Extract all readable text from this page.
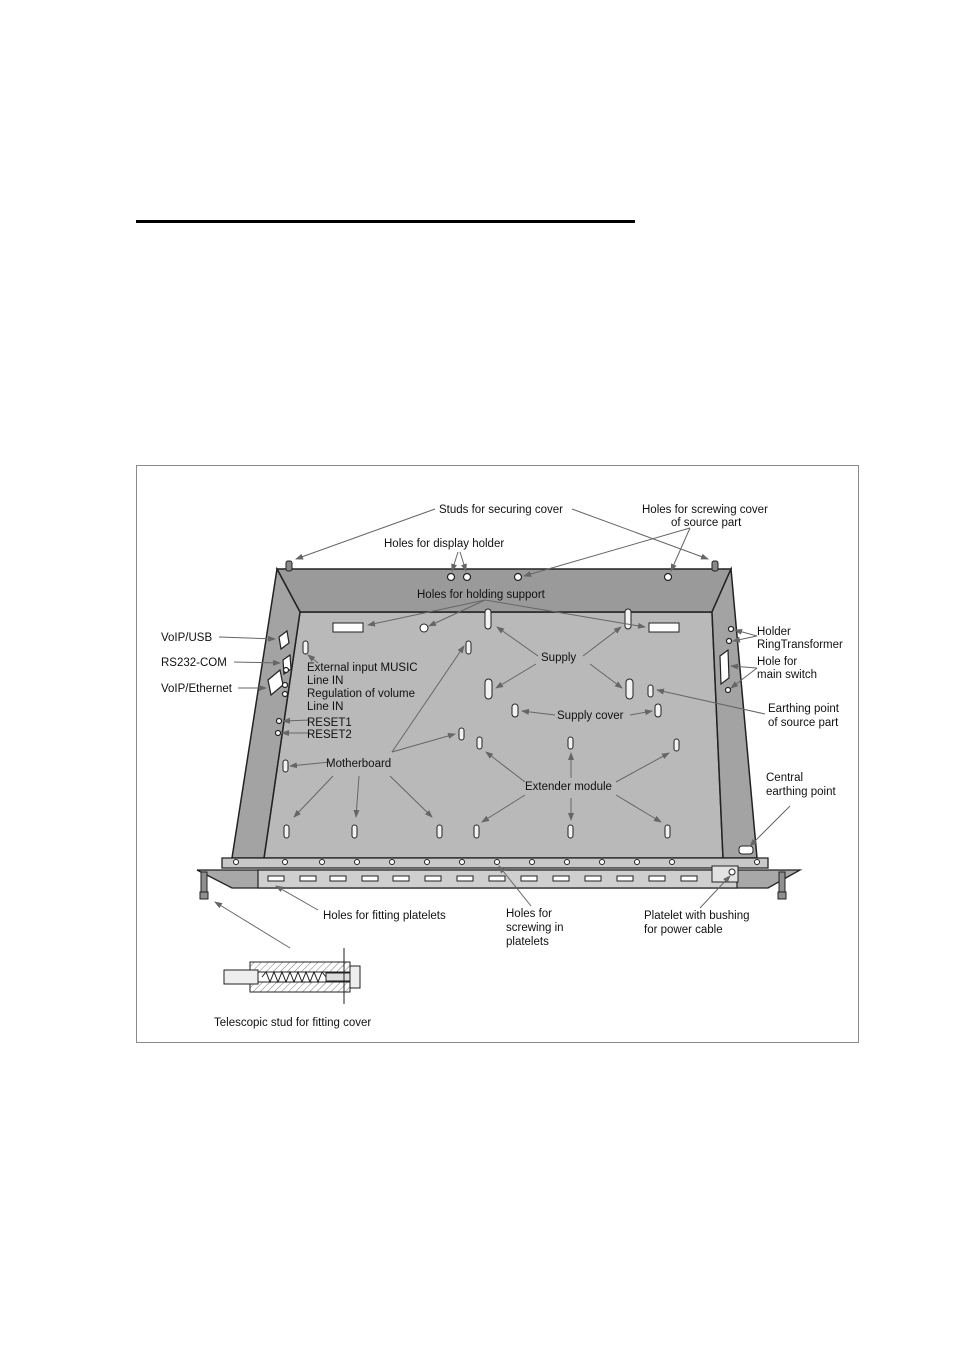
Studs for securing cover	Holes for screwing cover
of source part
Holes for display holder
Holes for holding support
VoIP/USB
RS232-COM
VoIP/Ethernet
External input MUSIC
Line IN
Regulation of volume
Line IN
RESET1
RESET2
Supply
Supply cover
Motherboard
Extender module
Holder
RingTransformer
Hole for
main switch
Earthing point
of source part
Central
earthing point
Holes for fitting platelets	Holes for
screwing in
platelets
Platelet with bushing
for power cable
Telescopic stud for fitting cover
